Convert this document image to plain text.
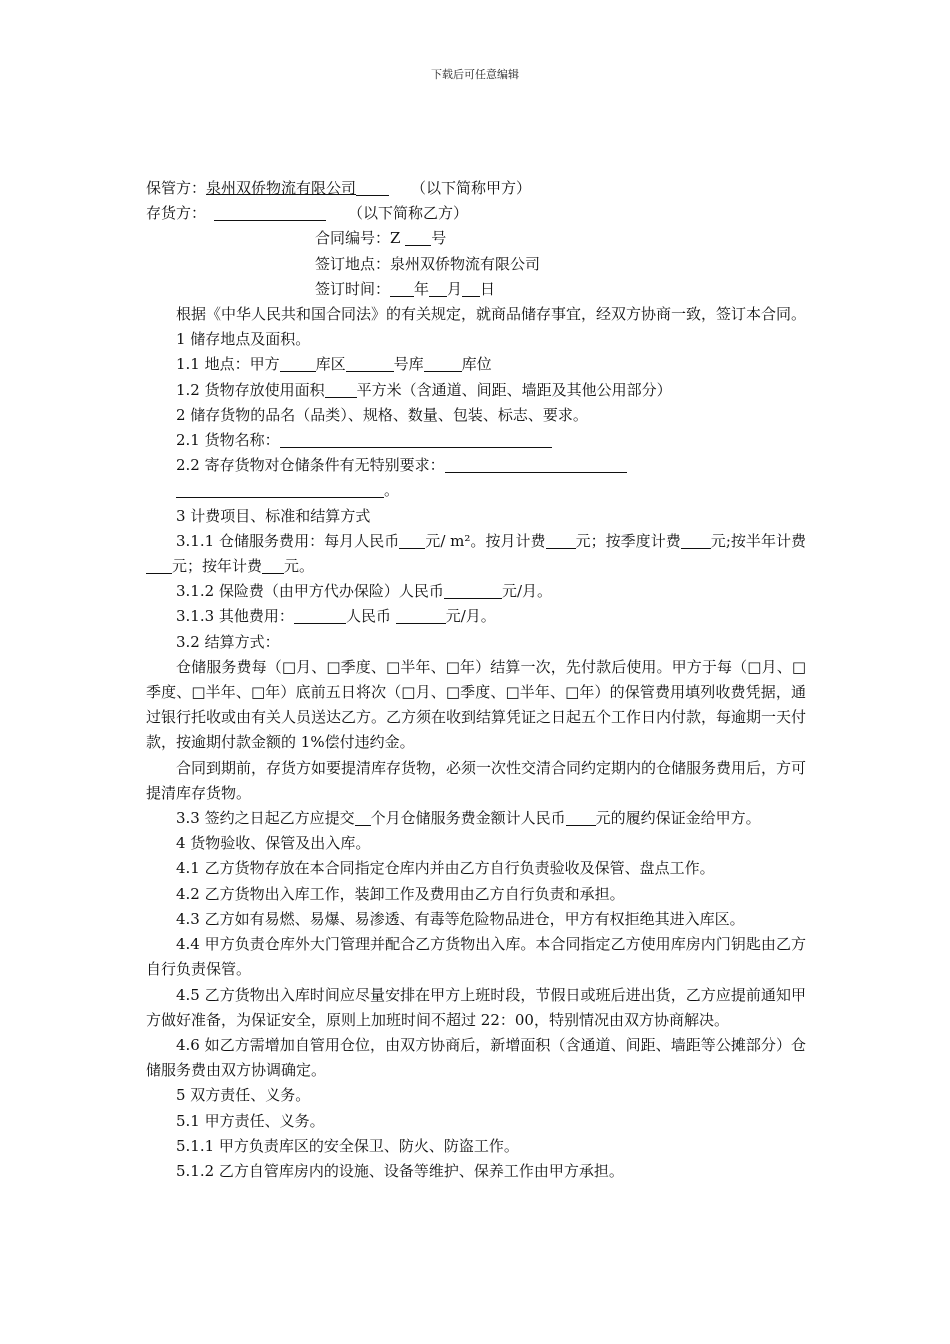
下载后可任意编辑
保管方：泉州双侨物流有限公司	（以下简称甲方）
存货方：	（以下简称乙方）
合同编号：Z 号
签订地点：泉州双侨物流有限公司
签订时间： 年 月 日
根据《中华人民共和国合同法》的有关规定，就商品储存事宜，经双方协商一致，签订本合同。
1 储存地点及面积。
1.1 地点：甲方 库区	号库	库位
1.2 货物存放使用面积 平方米（含通道、间距、墙距及其他公用部分）
2 储存货物的品名（品类）、规格、数量、包装、标志、要求。
2.1 货物名称：
2.2 寄存货物对仓储条件有无特别要求：
。
3 计费项目、标准和结算方式
3.1.1 仓储服务费用：每月人民币 元/ m²。按月计费 元；按季度计费 元;按半年计费元；按年计费 元。
3.1.2 保险费（由甲方代办保险）人民币	元/月。
3.1.3 其他费用：	人民币	元/月。
3.2 结算方式：
仓储服务费每（□月、□季度、□半年、□年）结算一次，先付款后使用。甲方于每（□月、□季度、□半年、□年）底前五日将次（□月、□季度、□半年、□年）的保管费用填列收费凭据，通过银行托收或由有关人员送达乙方。乙方须在收到结算凭证之日起五个工作日内付款，每逾期一天付款，按逾期付款金额的 1%偿付违约金。
合同到期前，存货方如要提清库存货物，必须一次性交清合同约定期内的仓储服务费用后，方可提清库存货物。
3.3 签约之日起乙方应提交 个月仓储服务费金额计人民币 元的履约保证金给甲方。
4 货物验收、保管及出入库。
4.1 乙方货物存放在本合同指定仓库内并由乙方自行负责验收及保管、盘点工作。
4.2 乙方货物出入库工作，装卸工作及费用由乙方自行负责和承担。
4.3 乙方如有易燃、易爆、易渗透、有毒等危险物品进仓，甲方有权拒绝其进入库区。
4.4 甲方负责仓库外大门管理并配合乙方货物出入库。本合同指定乙方使用库房内门钥匙由乙方自行负责保管。
4.5 乙方货物出入库时间应尽量安排在甲方上班时段，节假日或班后进出货，乙方应提前通知甲方做好准备，为保证安全，原则上加班时间不超过 22：00，特别情况由双方协商解决。
4.6 如乙方需增加自管用仓位，由双方协商后，新增面积（含通道、间距、墙距等公摊部分）仓储服务费由双方协调确定。
5 双方责任、义务。
5.1 甲方责任、义务。
5.1.1 甲方负责库区的安全保卫、防火、防盗工作。
5.1.2 乙方自管库房内的设施、设备等维护、保养工作由甲方承担。
